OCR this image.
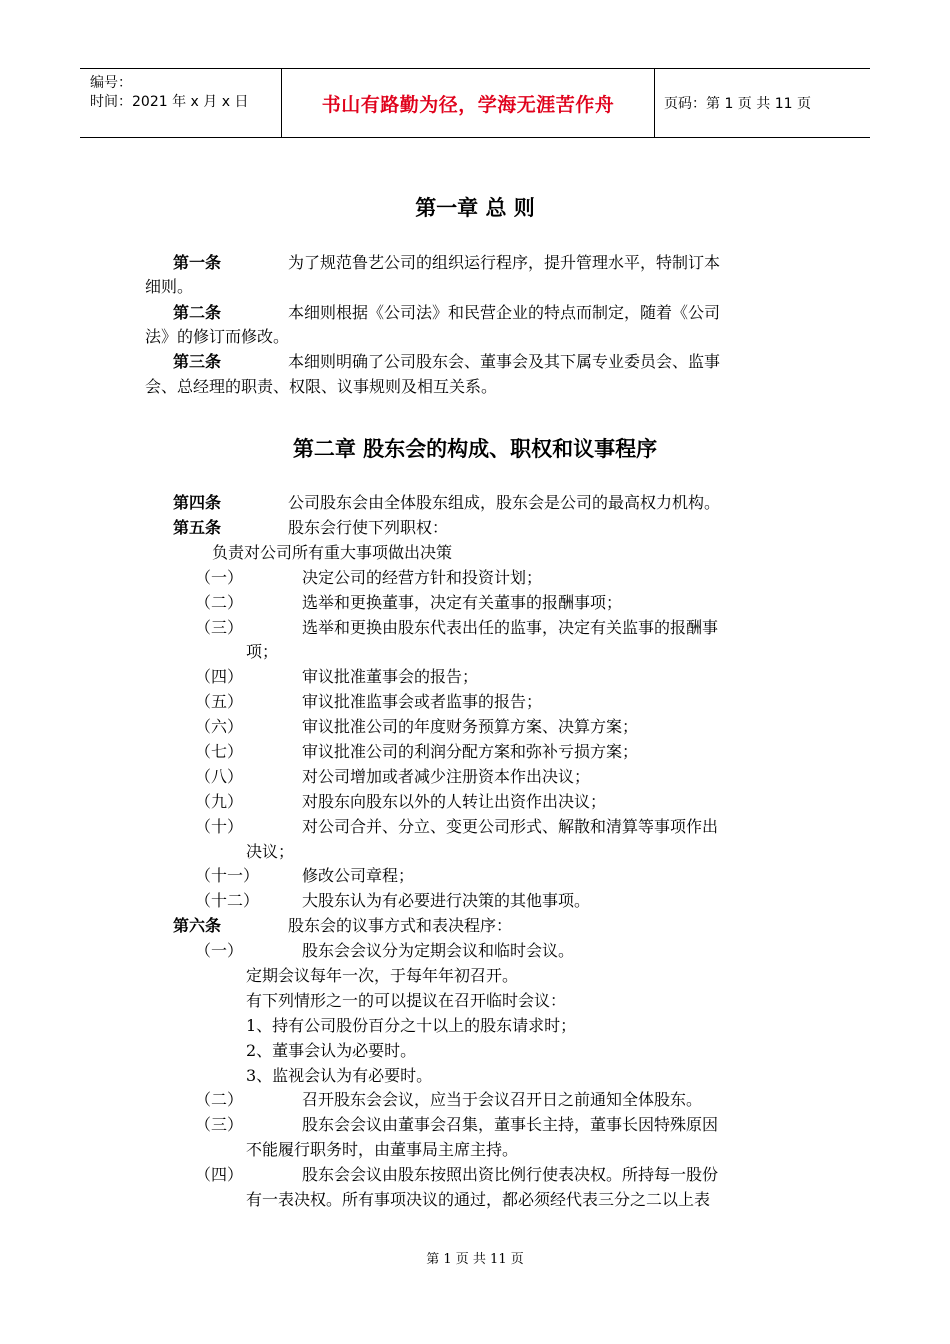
编号：
时间：2021 年 x 月 x 日	书山有路勤为径，学海无涯苦作舟	页码：第 1 页 共 11 页
第一章 总 则
第一条	为了规范鲁艺公司的组织运行程序，提升管理水平，特制订本
细则。
第二条	本细则根据《公司法》和民营企业的特点而制定，随着《公司
法》的修订而修改。
第三条	本细则明确了公司股东会、董事会及其下属专业委员会、监事
会、总经理的职责、权限、议事规则及相互关系。
第二章 股东会的构成、职权和议事程序
第四条	公司股东会由全体股东组成，股东会是公司的最高权力机构。
第五条	股东会行使下列职权：
负责对公司所有重大事项做出决策
（一）	决定公司的经营方针和投资计划；
（二）	选举和更换董事，决定有关董事的报酬事项；
（三）	选举和更换由股东代表出任的监事，决定有关监事的报酬事
项；
（四）	审议批准董事会的报告；
（五）	审议批准监事会或者监事的报告；
（六）	审议批准公司的年度财务预算方案、决算方案；
（七）	审议批准公司的利润分配方案和弥补亏损方案；
（八）	对公司增加或者减少注册资本作出决议；
（九）	对股东向股东以外的人转让出资作出决议；
（十）	对公司合并、分立、变更公司形式、解散和清算等事项作出
决议；
（十一）	修改公司章程；
（十二）	大股东认为有必要进行决策的其他事项。
第六条	股东会的议事方式和表决程序：
（一）	股东会会议分为定期会议和临时会议。
定期会议每年一次，于每年年初召开。
有下列情形之一的可以提议在召开临时会议：
1、持有公司股份百分之十以上的股东请求时；
2、董事会认为必要时。
3、监视会认为有必要时。
（二）	召开股东会会议，应当于会议召开日之前通知全体股东。
（三）	股东会会议由董事会召集，董事长主持，董事长因特殊原因
不能履行职务时，由董事局主席主持。
（四）	股东会会议由股东按照出资比例行使表决权。所持每一股份
有一表决权。所有事项决议的通过，都必须经代表三分之二以上表
第 1 页 共 11 页
